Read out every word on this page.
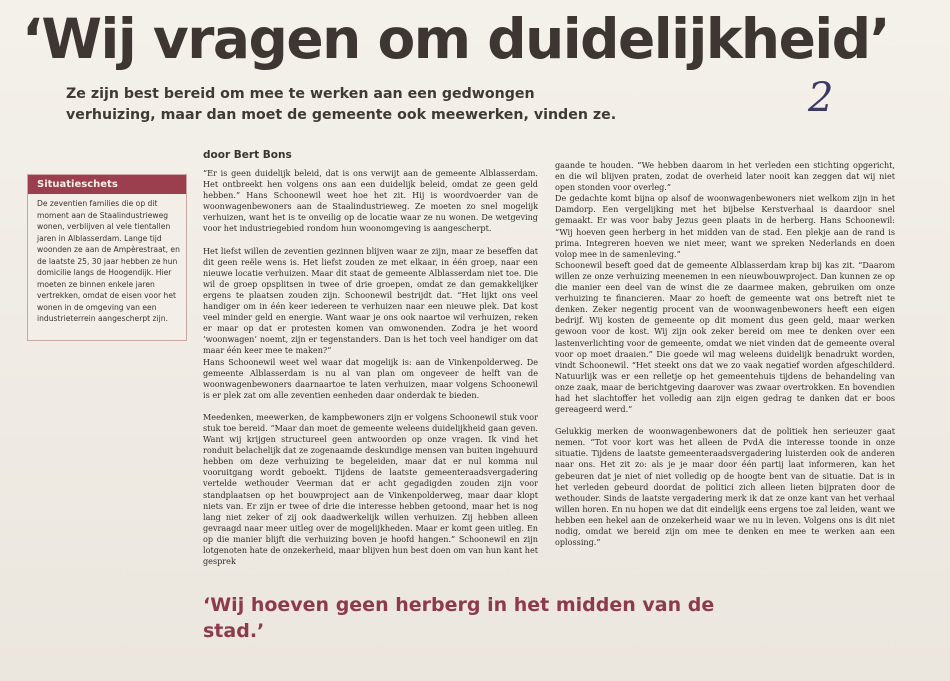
‘Wij vragen om duidelijkheid’
2
Ze zijn best bereid om mee te werken aan een gedwongen verhuizing, maar dan moet de gemeente ook meewerken, vinden ze.
door Bert Bons
Situatieschets
De zeventien families die op dit moment aan de Staalindustrieweg wonen, verblijven al vele tientallen jaren in Alblasserdam. Lange tijd woonden ze aan de Ampèrestraat, en de laatste 25, 30 jaar hebben ze hun domicilie langs de Hoogendijk. Hier moeten ze binnen enkele jaren vertrekken, omdat de eisen voor het wonen in de omgeving van een industrieterrein aangescherpt zijn.

“Er is geen duidelijk beleid, dat is ons verwijt aan de gemeente Alblasserdam. Het ontbreekt hen volgens ons aan een duidelijk beleid, omdat ze geen geld hebben.” Hans Schoonewil weet hoe het zit. Hij is woordvoerder van de woonwagenbewoners aan de Staalindustrieweg. Ze moeten zo snel mogelijk verhuizen, want het is te onveilig op de locatie waar ze nu wonen. De wetgeving voor het industriegebied rondom hun woonomgeving is aangescherpt.

Het liefst willen de zeventien gezinnen blijven waar ze zijn, maar ze beseffen dat dit geen reële wens is. Het liefst zouden ze met elkaar, in één groep, naar een nieuwe locatie verhuizen. Maar dit staat de gemeente Alblasserdam niet toe. Die wil de groep opsplitsen in twee of drie groepen, omdat ze dan gemakkelijker ergens te plaatsen zouden zijn. Schoonewil bestrijdt dat. “Het lijkt ons veel handiger om in één keer iedereen te verhuizen naar een nieuwe plek. Dat kost veel minder geld en energie. Want waar je ons ook naartoe wil verhuizen, reken er maar op dat er protesten komen van omwonenden. Zodra je het woord ‘woonwagen’ noemt, zijn er tegenstanders. Dan is het toch veel handiger om dat maar één keer mee te maken?”

Hans Schoonewil weet wel waar dat mogelijk is: aan de Vinkenpolderweg. De gemeente Alblasserdam is nu al van plan om ongeveer de helft van de woonwagenbewoners daarnaartoe te laten verhuizen, maar volgens Schoonewil is er plek zat om alle zeventien eenheden daar onderdak te bieden.

Meedenken, meewerken, de kampbewoners zijn er volgens Schoonewil stuk voor stuk toe bereid. “Maar dan moet de gemeente weleens duidelijkheid gaan geven. Want wij krijgen structureel geen antwoorden op onze vragen. Ik vind het ronduit belachelijk dat ze zogenaamde deskundige mensen van buiten ingehuurd hebben om deze verhuizing te begeleiden, maar dat er nul komma nul vooruitgang wordt geboekt. Tijdens de laatste gemeenteraadsvergadering vertelde wethouder Veerman dat er acht gegadigden zouden zijn voor standplaatsen op het bouwproject aan de Vinkenpolderweg, maar daar klopt niets van. Er zijn er twee of drie die interesse hebben getoond, maar het is nog lang niet zeker of zij ook daadwerkelijk willen verhuizen. Zij hebben alleen gevraagd naar meer uitleg over de mogelijkheden. Maar er komt geen uitleg. En op die manier blijft die verhuizing boven je hoofd hangen.” Schoonewil en zijn lotgenoten hate de onzekerheid, maar blijven hun best doen om van hun kant het gesprek

gaande te houden. “We hebben daarom in het verleden een stichting opgericht, en die wil blijven praten, zodat de overheid later nooit kan zeggen dat wij niet open stonden voor overleg.”

De gedachte komt bijna op alsof de woonwagenbewoners niet welkom zijn in het Damdorp. Een vergelijking met het bijbelse Kerstverhaal is daardoor snel gemaakt. Er was voor baby Jezus geen plaats in de herberg. Hans Schoonewil: “Wij hoeven geen herberg in het midden van de stad. Een plekje aan de rand is prima. Integreren hoeven we niet meer, want we spreken Nederlands en doen volop mee in de samenleving.”

Schoonewil beseft goed dat de gemeente Alblasserdam krap bij kas zit. “Daarom willen ze onze verhuizing meenemen in een nieuwbouwproject. Dan kunnen ze op die manier een deel van de winst die ze daarmee maken, gebruiken om onze verhuizing te financieren. Maar zo hoeft de gemeente wat ons betreft niet te denken. Zeker negentig procent van de woonwagenbewoners heeft een eigen bedrijf. Wij kosten de gemeente op dit moment dus geen geld, maar werken gewoon voor de kost. Wij zijn ook zeker bereid om mee te denken over een lastenverlichting voor de gemeente, omdat we niet vinden dat de gemeente overal voor op moet draaien.” Die goede wil mag weleens duidelijk benadrukt worden, vindt Schoonewil. “Het steekt ons dat we zo vaak negatief worden afgeschilderd. Natuurlijk was er een relletje op het gemeentehuis tijdens de behandeling van onze zaak, maar de berichtgeving daarover was zwaar overtrokken. En bovendien had het slachtoffer het volledig aan zijn eigen gedrag te danken dat er boos gereageerd werd.”

Gelukkig merken de woonwagenbewoners dat de politiek hen serieuzer gaat nemen. “Tot voor kort was het alleen de PvdA die interesse toonde in onze situatie. Tijdens de laatste gemeenteraadsvergadering luisterden ook de anderen naar ons. Het zit zo: als je je maar door één partij laat informeren, kan het gebeuren dat je niet of niet volledig op de hoogte bent van de situatie. Dat is in het verleden gebeurd doordat de politici zich alleen lieten bijpraten door de wethouder. Sinds de laatste vergadering merk ik dat ze onze kant van het verhaal willen horen. En nu hopen we dat dit eindelijk eens ergens toe zal leiden, want we hebben een hekel aan de onzekerheid waar we nu in leven. Volgens ons is dit niet nodig, omdat we bereid zijn om mee te denken en mee te werken aan een oplossing.”

‘Wij hoeven geen herberg in het midden van de stad.’
